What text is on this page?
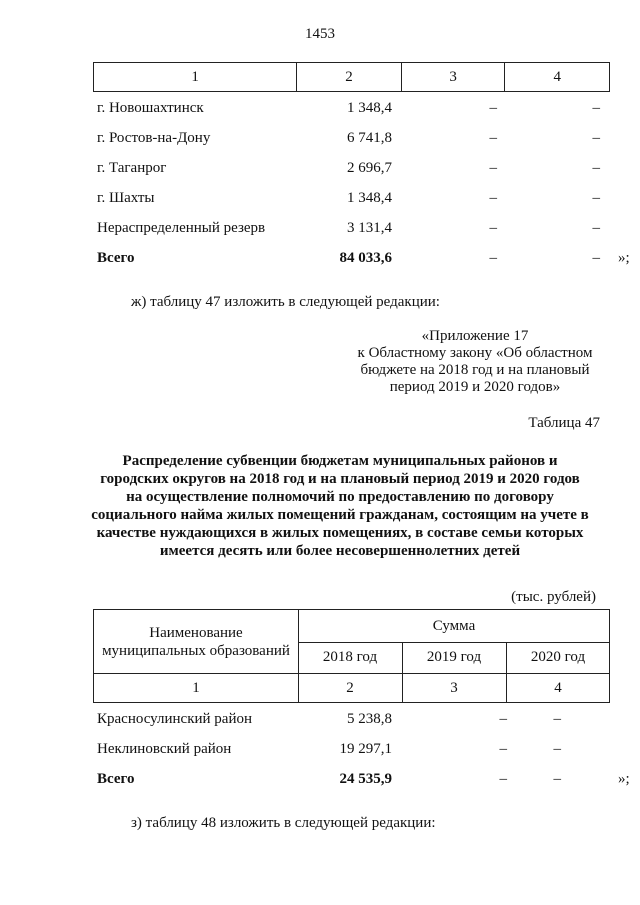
1453
1	2	3	4
г. Новошахтинск	1 348,4	–	–
г. Ростов-на-Дону	6 741,8	–	–
г. Таганрог	2 696,7	–	–
г. Шахты	1 348,4	–	–
Нераспределенный резерв	3 131,4	–	–
Всего	84 033,6	–	– »;
ж) таблицу 47 изложить в следующей редакции:
«Приложение 17
к Областному закону «Об областном
бюджете на 2018 год и на плановый
период 2019 и 2020 годов»
Таблица 47
Распределение субвенции бюджетам муниципальных районов и
городских округов на 2018 год и на плановый период 2019 и 2020 годов
на осуществление полномочий по предоставлению по договору
социального найма жилых помещений гражданам, состоящим на учете в
качестве нуждающихся в жилых помещениях, в составе семьи которых
имеется десять или более несовершеннолетних детей
(тыс. рублей)
Наименование
муниципальных образований
Сумма
2018 год	2019 год	2020 год
1	2	3	4
Красносулинский район	5 238,8	–	–
Неклиновский район	19 297,1	–	–
Всего	24 535,9	–	–	»;
з) таблицу 48 изложить в следующей редакции:
